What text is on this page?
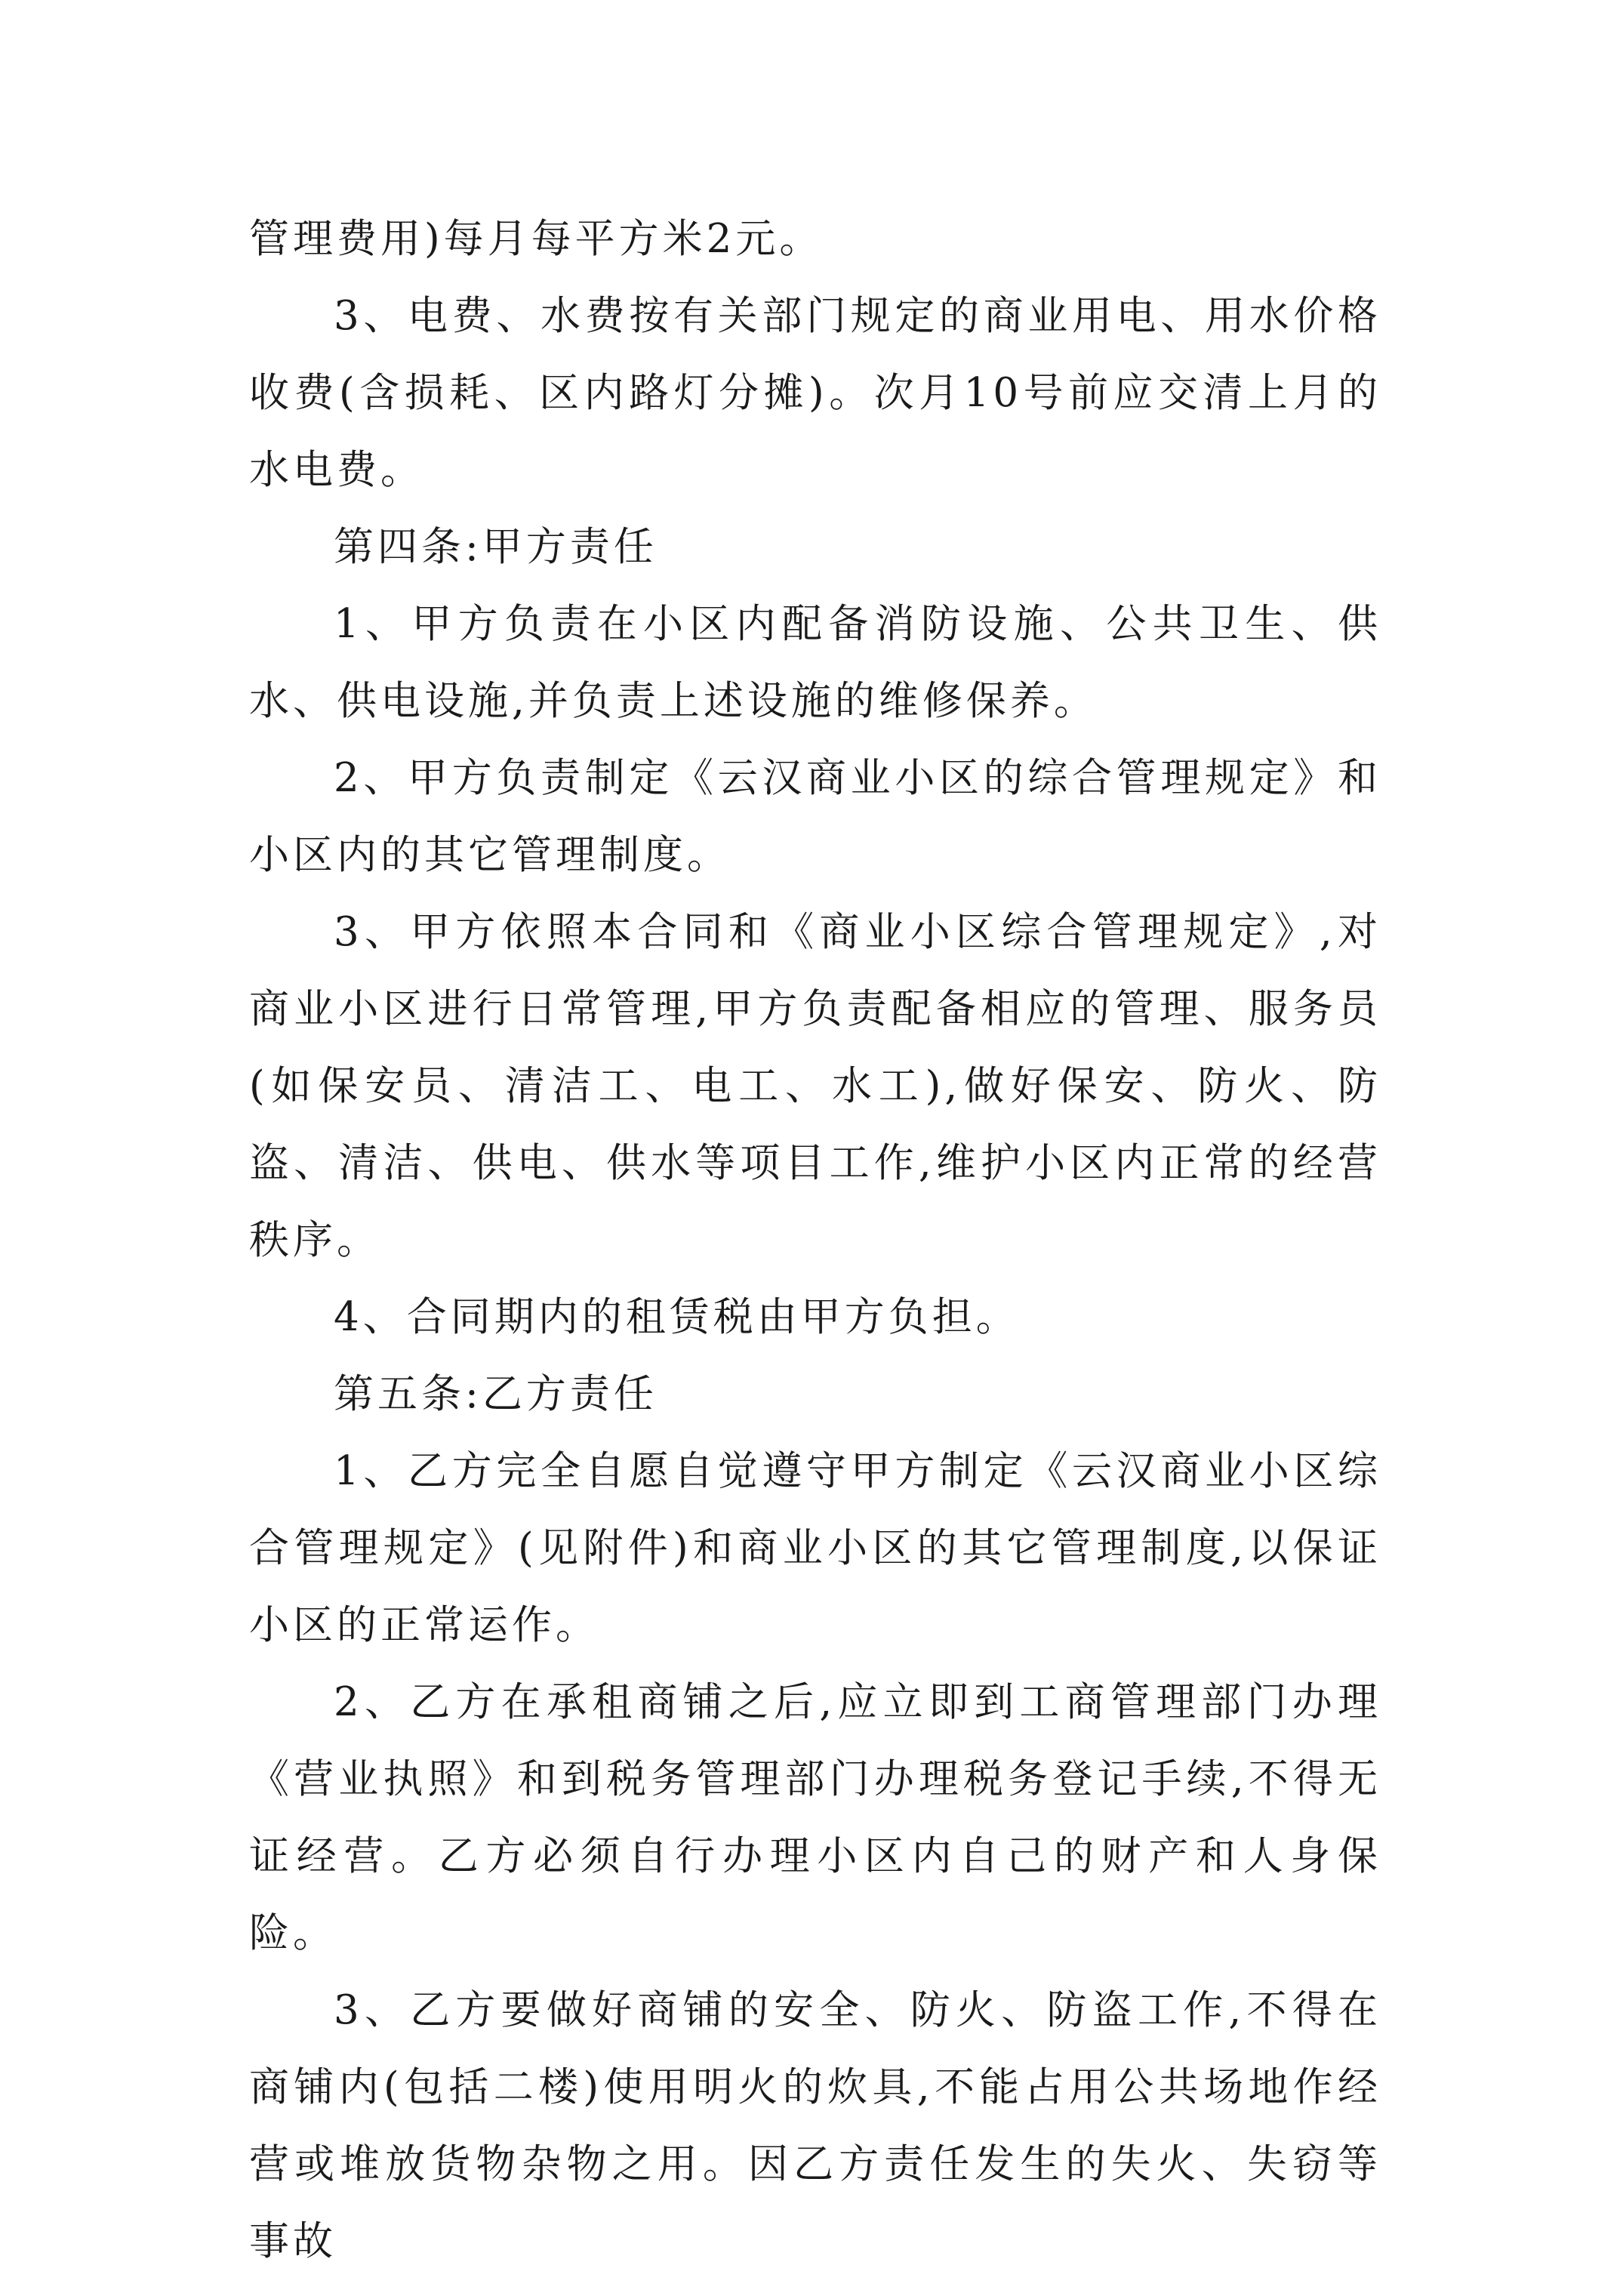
管理费用)每月每平方米2元。

3、电费、水费按有关部门规定的商业用电、用水价格收费(含损耗、区内路灯分摊)。次月10号前应交清上月的水电费。

第四条:甲方责任

1、甲方负责在小区内配备消防设施、公共卫生、供水、供电设施,并负责上述设施的维修保养。

2、甲方负责制定《云汉商业小区的综合管理规定》和小区内的其它管理制度。

3、甲方依照本合同和《商业小区综合管理规定》,对商业小区进行日常管理,甲方负责配备相应的管理、服务员(如保安员、清洁工、电工、水工),做好保安、防火、防盗、清洁、供电、供水等项目工作,维护小区内正常的经营秩序。

4、合同期内的租赁税由甲方负担。

第五条:乙方责任

1、乙方完全自愿自觉遵守甲方制定《云汉商业小区综合管理规定》(见附件)和商业小区的其它管理制度,以保证小区的正常运作。

2、乙方在承租商铺之后,应立即到工商管理部门办理《营业执照》和到税务管理部门办理税务登记手续,不得无证经营。乙方必须自行办理小区内自己的财产和人身保险。

3、乙方要做好商铺的安全、防火、防盗工作,不得在商铺内(包括二楼)使用明火的炊具,不能占用公共场地作经营或堆放货物杂物之用。因乙方责任发生的失火、失窃等事故
